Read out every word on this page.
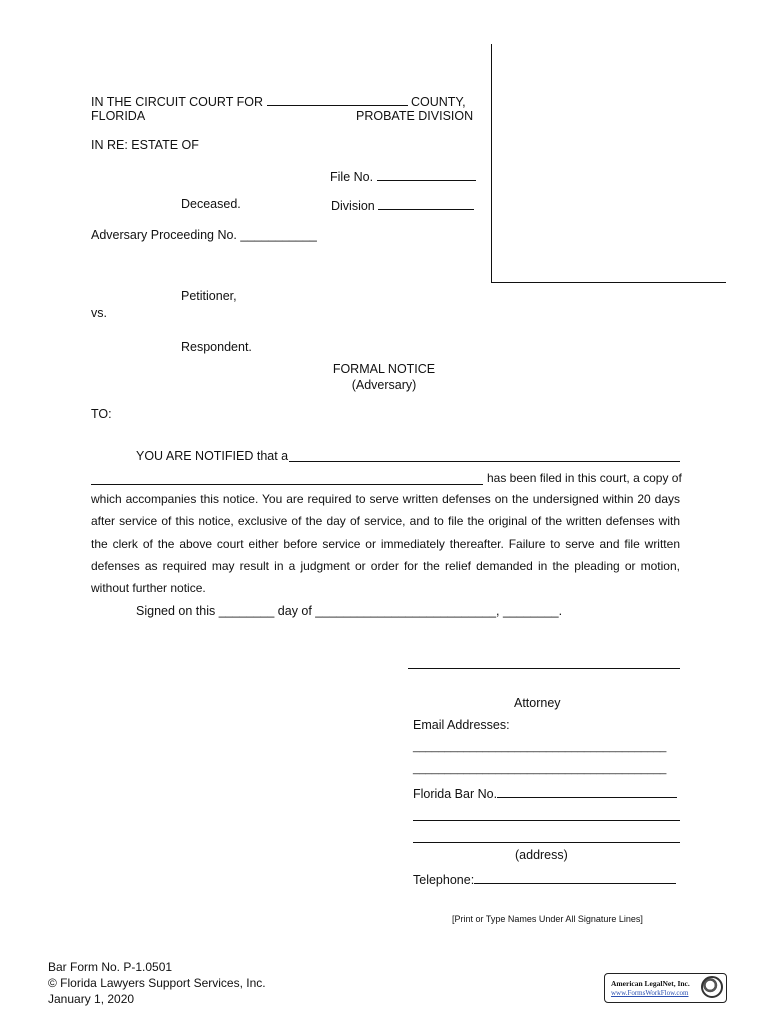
IN THE CIRCUIT COURT FOR	COUNTY,
FLORIDA	PROBATE DIVISION
IN RE: ESTATE OF
File No.
Deceased.	Division
Adversary Proceeding No. ___________
Petitioner,
vs.
Respondent.
FORMAL NOTICE
(Adversary)
TO:
YOU ARE NOTIFIED that a
has been filed in this court, a copy of
which accompanies this notice. You are required to serve written defenses on the undersigned within 20 days after service of this notice, exclusive of the day of service, and to file the original of the written defenses with the clerk of the above court either before service or immediately thereafter. Failure to serve and file written defenses as required may result in a judgment or order for the relief demanded in the pleading or motion, without further notice.
Signed on this ________ day of __________________________, ________.
Attorney
Email Addresses:
________________________________________
________________________________________
Florida Bar No.
(address)
Telephone:
[Print or Type Names Under All Signature Lines]
Bar Form No. P-1.0501
© Florida Lawyers Support Services, Inc.
January 1, 2020
American LegalNet, Inc.
www.FormsWorkFlow.com
